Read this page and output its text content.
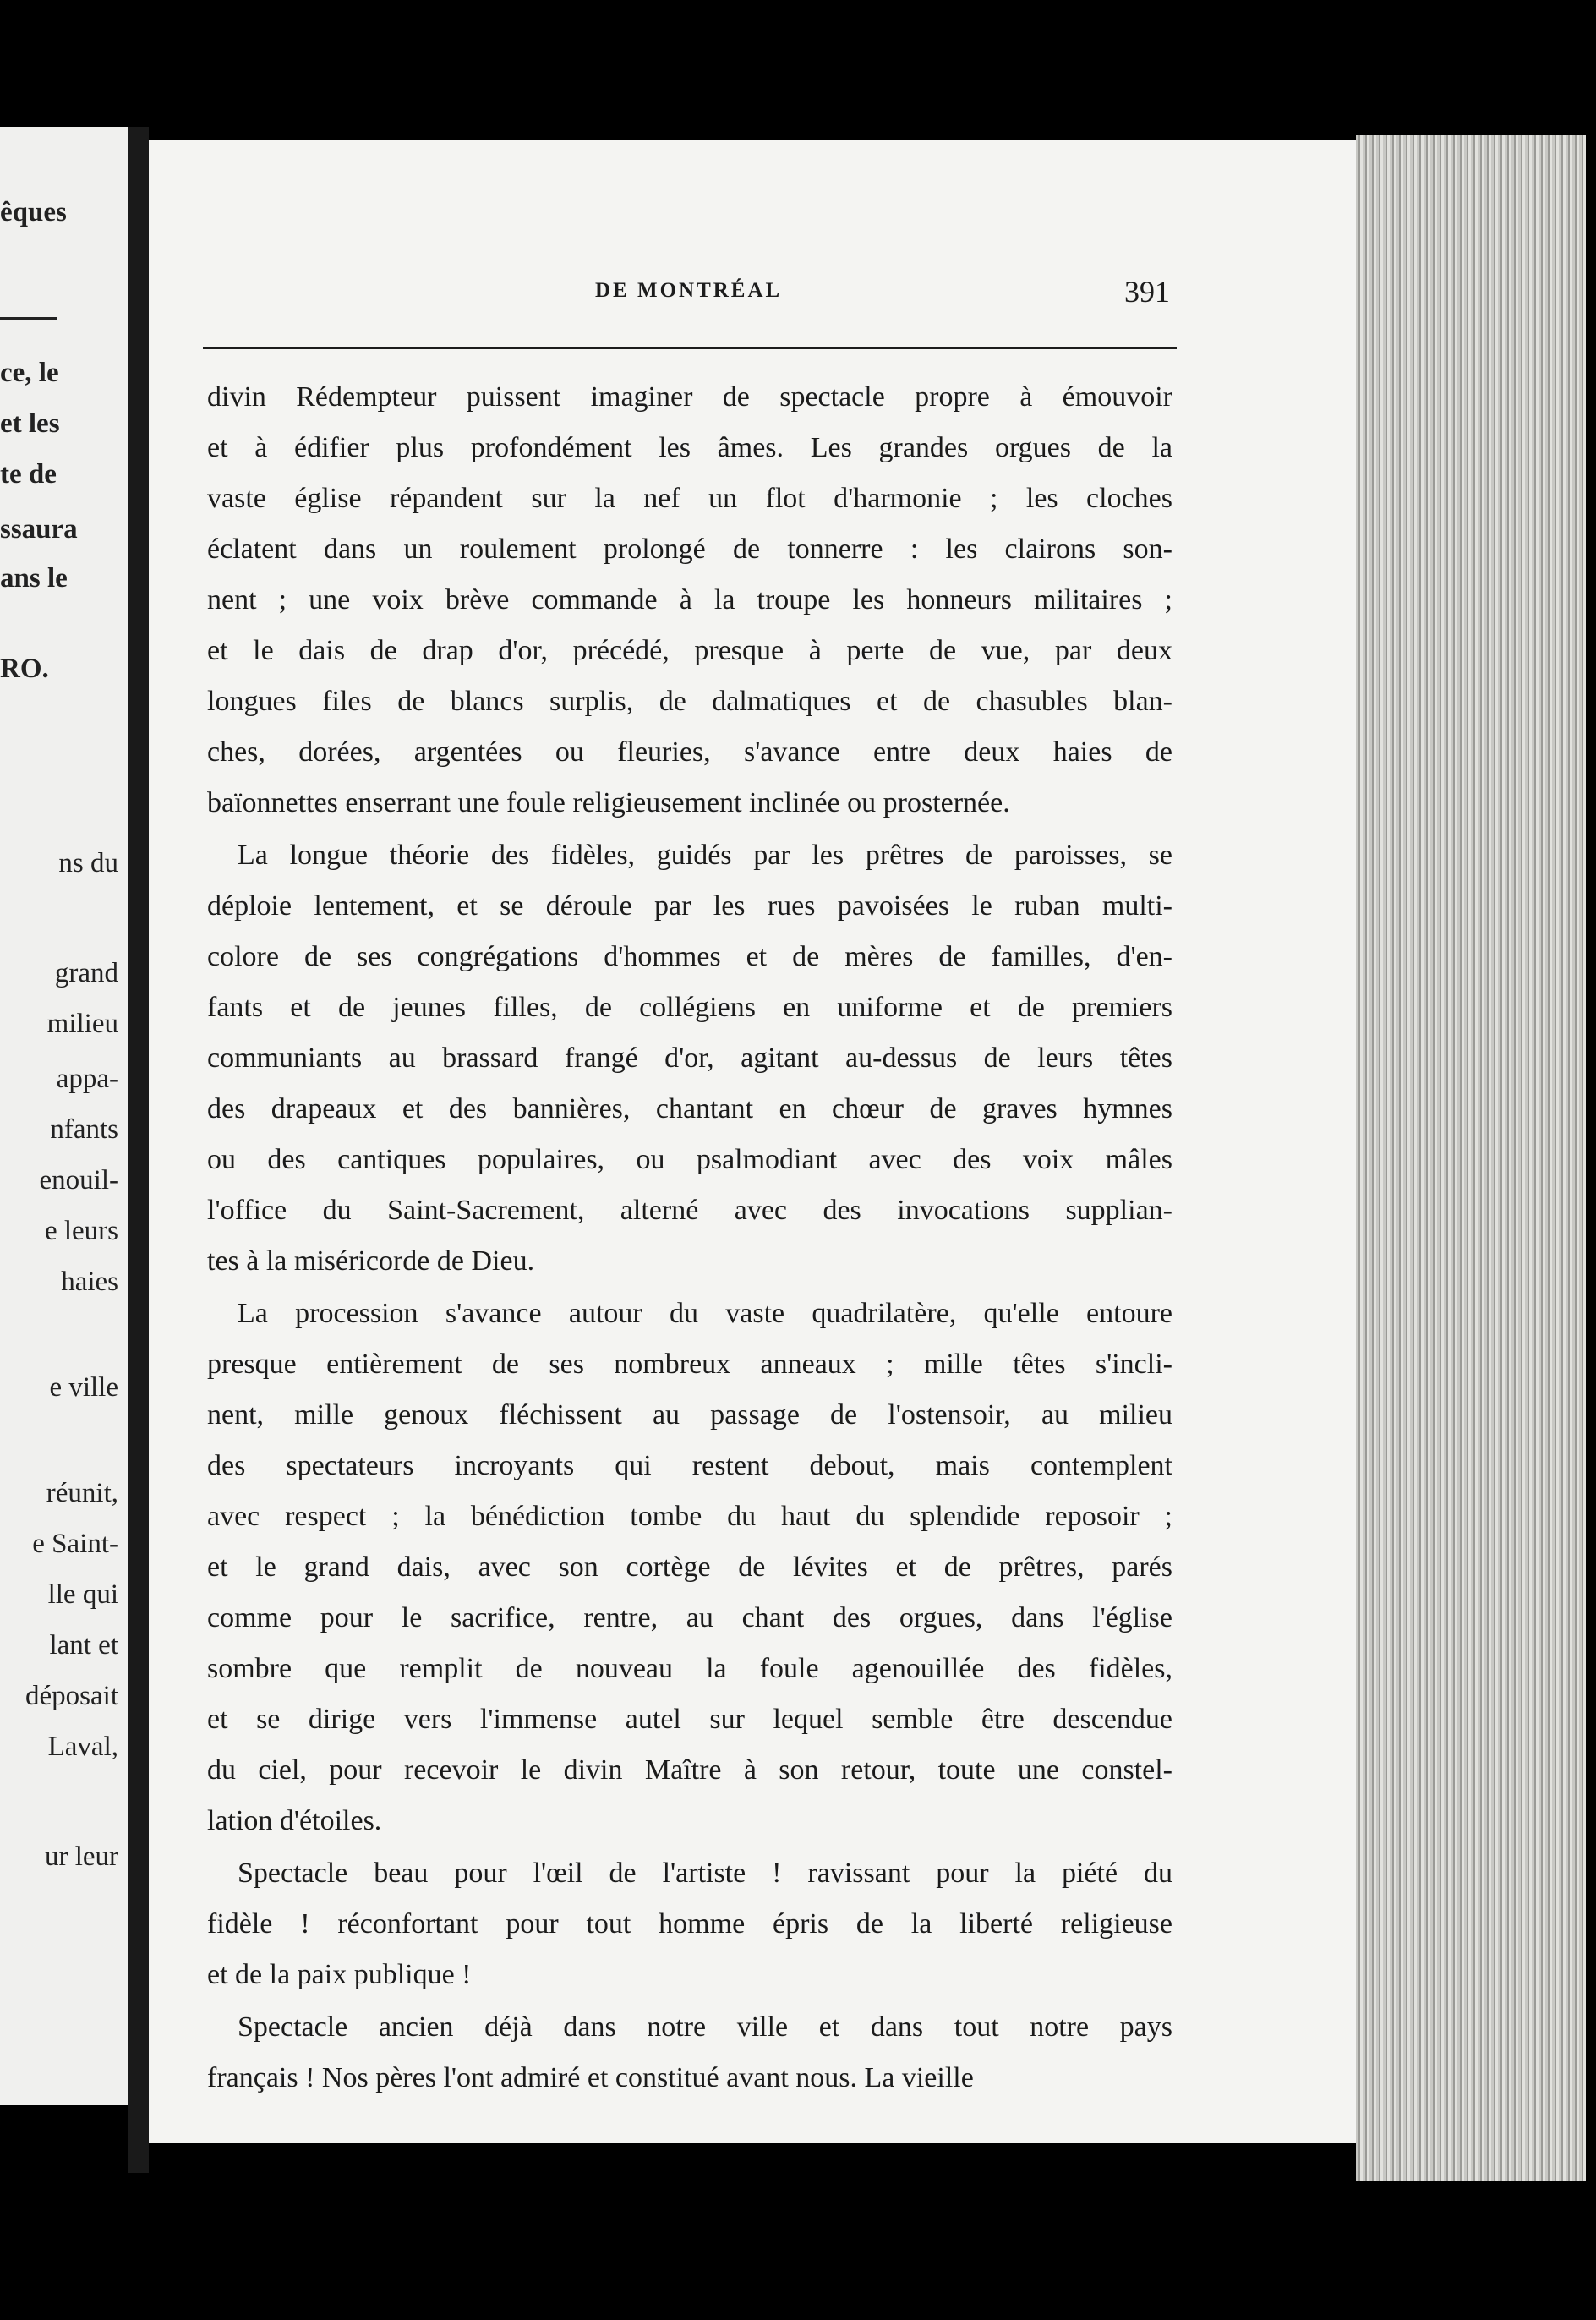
êques
ce, le
et les
te de
ssaura
ans le
RO.
ns du
grand
milieu
appa-
nfants
enouil-
e leurs
haies
e ville
réunit,
e Saint-
lle qui
lant et
déposait
Laval,
ur leur
DE MONTRÉAL	391
divin Rédempteur puissent imaginer de spectacle propre à émouvoir
et à édifier plus profondément les âmes. Les grandes orgues de la
vaste église répandent sur la nef un flot d'harmonie ; les cloches
éclatent dans un roulement prolongé de tonnerre : les clairons son-
nent ; une voix brève commande à la troupe les honneurs militaires ;
et le dais de drap d'or, précédé, presque à perte de vue, par deux
longues files de blancs surplis, de dalmatiques et de chasubles blan-
ches, dorées, argentées ou fleuries, s'avance entre deux haies de
baïonnettes enserrant une foule religieusement inclinée ou prosternée.
La longue théorie des fidèles, guidés par les prêtres de paroisses, se
déploie lentement, et se déroule par les rues pavoisées le ruban multi-
colore de ses congrégations d'hommes et de mères de familles, d'en-
fants et de jeunes filles, de collégiens en uniforme et de premiers
communiants au brassard frangé d'or, agitant au-dessus de leurs têtes
des drapeaux et des bannières, chantant en chœur de graves hymnes
ou des cantiques populaires, ou psalmodiant avec des voix mâles
l'office du Saint-Sacrement, alterné avec des invocations supplian-
tes à la miséricorde de Dieu.
La procession s'avance autour du vaste quadrilatère, qu'elle entoure
presque entièrement de ses nombreux anneaux ; mille têtes s'incli-
nent, mille genoux fléchissent au passage de l'ostensoir, au milieu
des spectateurs incroyants qui restent debout, mais contemplent
avec respect ; la bénédiction tombe du haut du splendide reposoir ;
et le grand dais, avec son cortège de lévites et de prêtres, parés
comme pour le sacrifice, rentre, au chant des orgues, dans l'église
sombre que remplit de nouveau la foule agenouillée des fidèles,
et se dirige vers l'immense autel sur lequel semble être descendue
du ciel, pour recevoir le divin Maître à son retour, toute une constel-
lation d'étoiles.
Spectacle beau pour l'œil de l'artiste ! ravissant pour la piété du
fidèle ! réconfortant pour tout homme épris de la liberté religieuse
et de la paix publique !
Spectacle ancien déjà dans notre ville et dans tout notre pays
français ! Nos pères l'ont admiré et constitué avant nous. La vieille
